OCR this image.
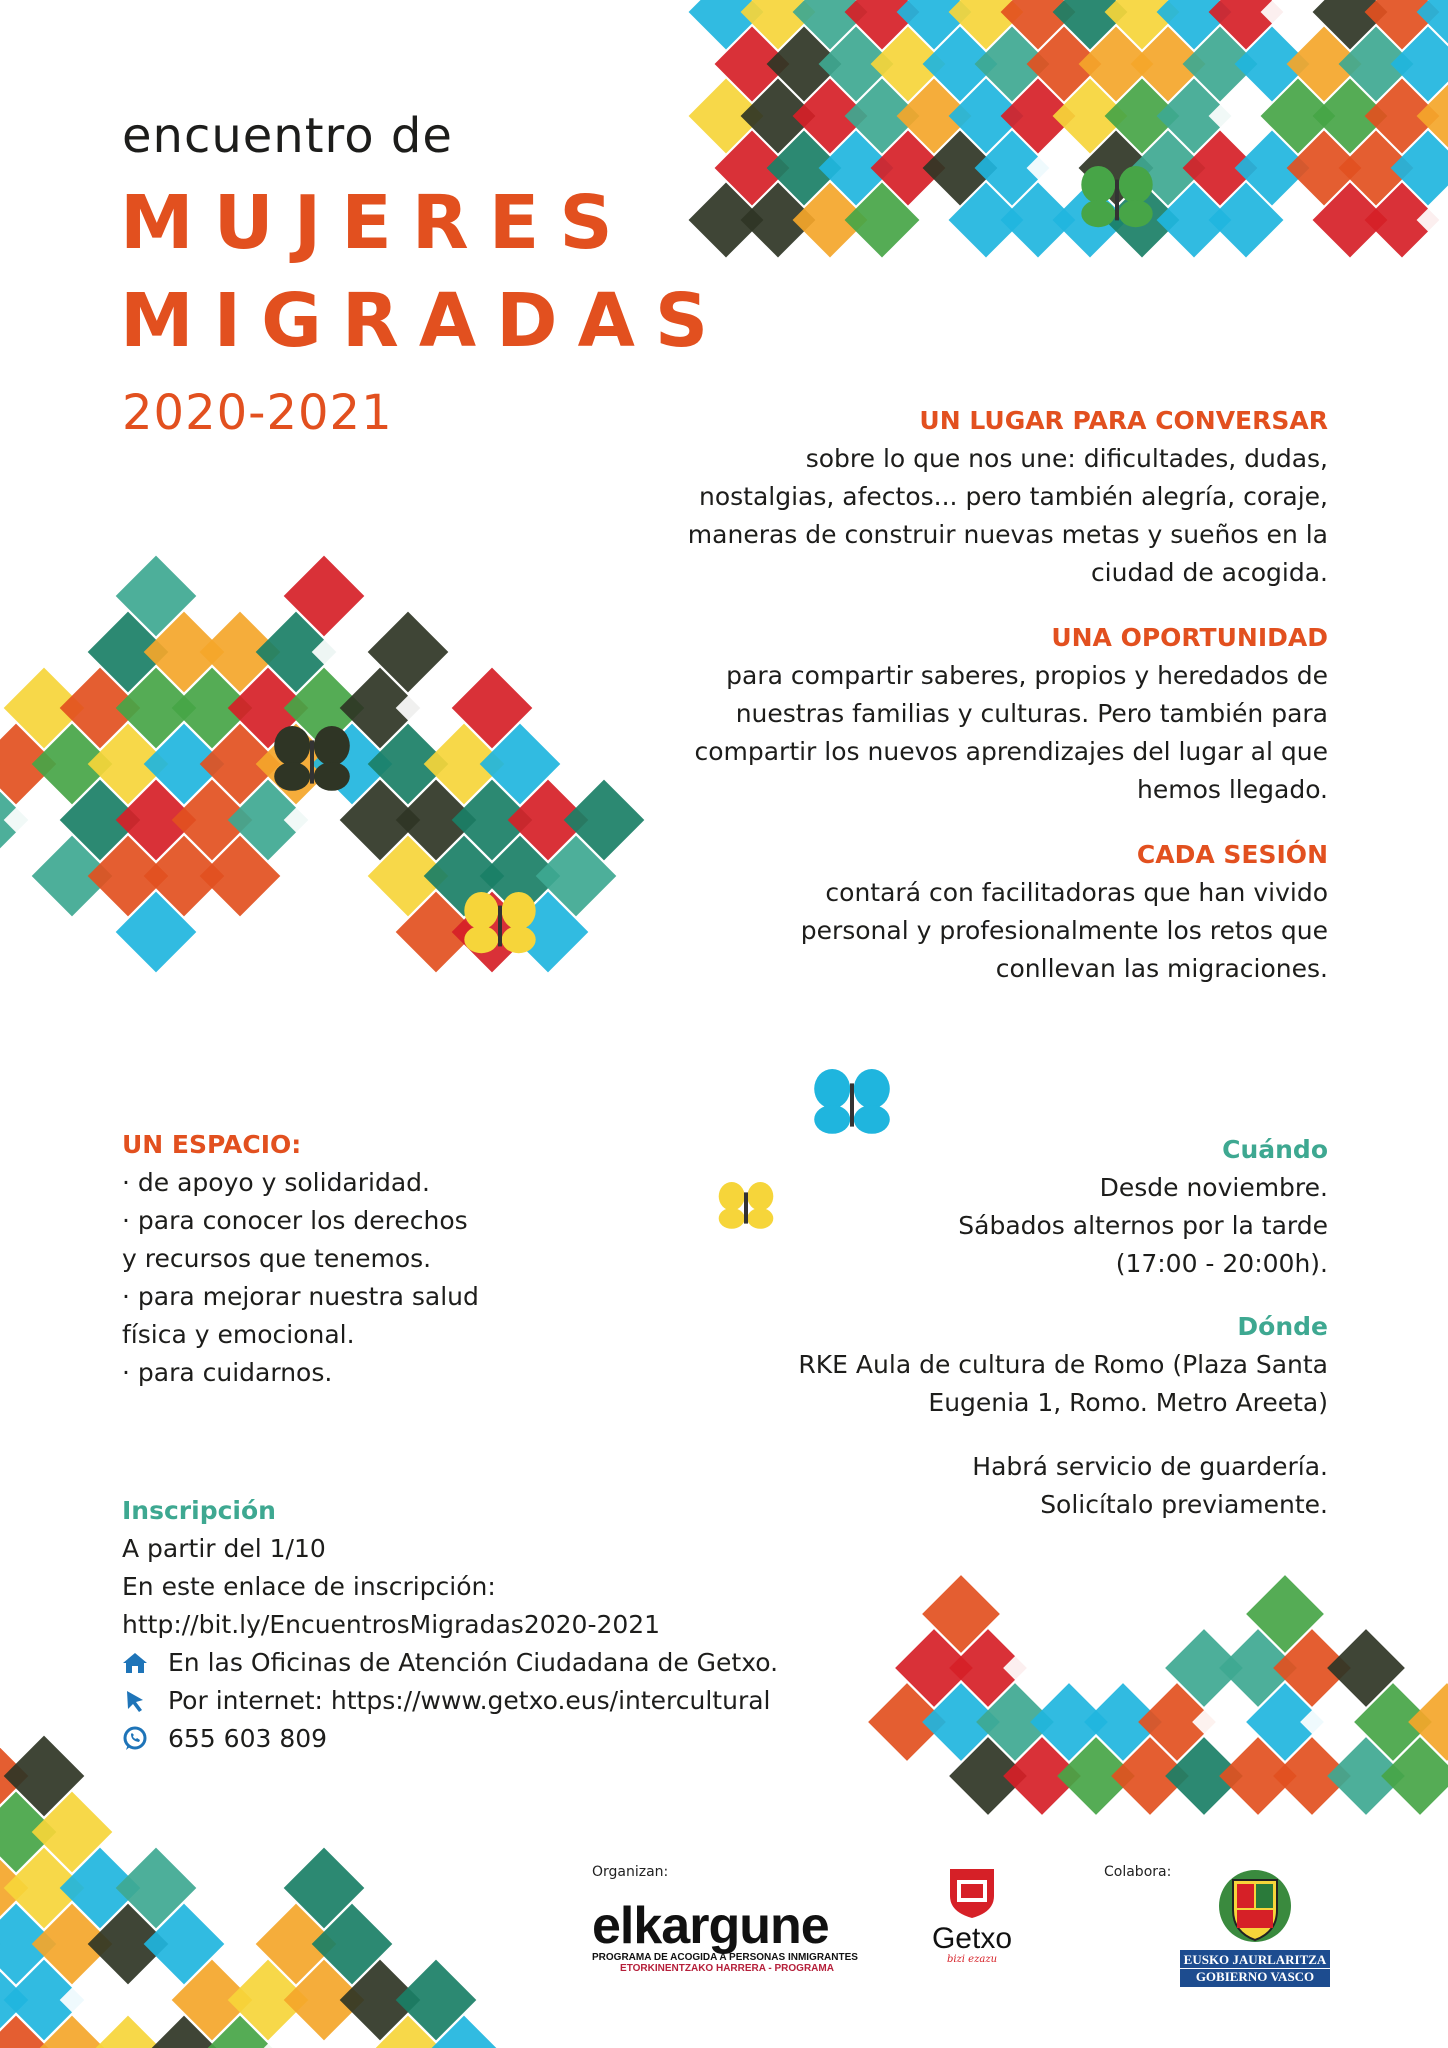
encuentro de
MUJERES
MIGRADAS
2020-2021	UN LUGAR PARA CONVERSAR
sobre lo que nos une: dificultades, dudas,
nostalgias, afectos... pero también alegría, coraje,
maneras de construir nuevas metas y sueños en la
ciudad de acogida.
UNA OPORTUNIDAD
para compartir saberes, propios y heredados de
nuestras familias y culturas. Pero también para
compartir los nuevos aprendizajes del lugar al que
hemos llegado.
CADA SESIÓN
contará con facilitadoras que han vivido
personal y profesionalmente los retos que
conllevan las migraciones.
UN ESPACIO:
· de apoyo y solidaridad.
· para conocer los derechos
y recursos que tenemos.
· para mejorar nuestra salud
física y emocional.
· para cuidarnos.
Cuándo
Desde noviembre.
Sábados alternos por la tarde
(17:00 - 20:00h).
Dónde
RKE Aula de cultura de Romo (Plaza Santa
Eugenia 1, Romo. Metro Areeta)
Habrá servicio de guardería.
Solicítalo previamente.
Inscripción
A partir del 1/10
En este enlace de inscripción:
http://bit.ly/EncuentrosMigradas2020-2021
En las Oficinas de Atención Ciudadana de Getxo.
Por internet: https://www.getxo.eus/intercultural
655 603 809
Organizan:	Colabora:
elkargune
PROGRAMA DE ACOGIDA A PERSONAS INMIGRANTES
ETORKINENTZAKO HARRERA - PROGRAMA
Getxo
bizi ezazu	EUSKO JAURLARITZA
GOBIERNO VASCO
